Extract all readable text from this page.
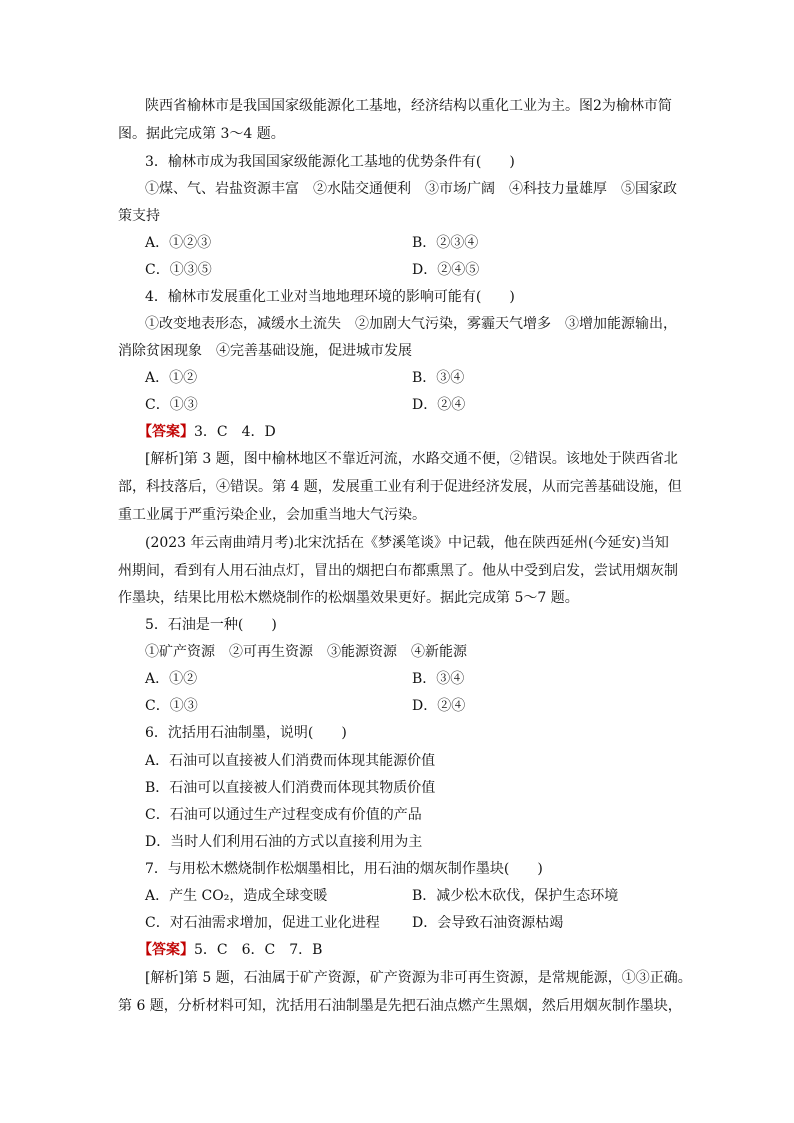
陕西省榆林市是我国国家级能源化工基地，经济结构以重化工业为主。图2为榆林市简
图。据此完成第 3～4 题。
3．榆林市成为我国国家级能源化工基地的优势条件有(　　)
①煤、气、岩盐资源丰富　②水陆交通便利　③市场广阔　④科技力量雄厚　⑤国家政
策支持
A．①②③	B．②③④
C．①③⑤	D．②④⑤
4．榆林市发展重化工业对当地地理环境的影响可能有(　　)
①改变地表形态，减缓水土流失　②加剧大气污染，雾霾天气增多　③增加能源输出，
消除贫困现象　④完善基础设施，促进城市发展
A．①②	B．③④
C．①③	D．②④
【答案】3．C　4．D
[解析]第 3 题，图中榆林地区不靠近河流，水路交通不便，②错误。该地处于陕西省北
部，科技落后，④错误。第 4 题，发展重工业有利于促进经济发展，从而完善基础设施，但
重工业属于严重污染企业，会加重当地大气污染。
(2023 年云南曲靖月考)北宋沈括在《梦溪笔谈》中记载，他在陕西延州(今延安)当知
州期间，看到有人用石油点灯，冒出的烟把白布都熏黑了。他从中受到启发，尝试用烟灰制
作墨块，结果比用松木燃烧制作的松烟墨效果更好。据此完成第 5～7 题。
5．石油是一种(　　)
①矿产资源　②可再生资源　③能源资源　④新能源
A．①②	B．③④
C．①③	D．②④
6．沈括用石油制墨，说明(　　)
A．石油可以直接被人们消费而体现其能源价值
B．石油可以直接被人们消费而体现其物质价值
C．石油可以通过生产过程变成有价值的产品
D．当时人们利用石油的方式以直接利用为主
7．与用松木燃烧制作松烟墨相比，用石油的烟灰制作墨块(　　)
A．产生 CO₂，造成全球变暖	B．减少松木砍伐，保护生态环境
C．对石油需求增加，促进工业化进程 D．会导致石油资源枯竭
【答案】5．C　6．C　7．B
[解析]第 5 题，石油属于矿产资源，矿产资源为非可再生资源，是常规能源，①③正确。
第 6 题，分析材料可知，沈括用石油制墨是先把石油点燃产生黑烟，然后用烟灰制作墨块，
